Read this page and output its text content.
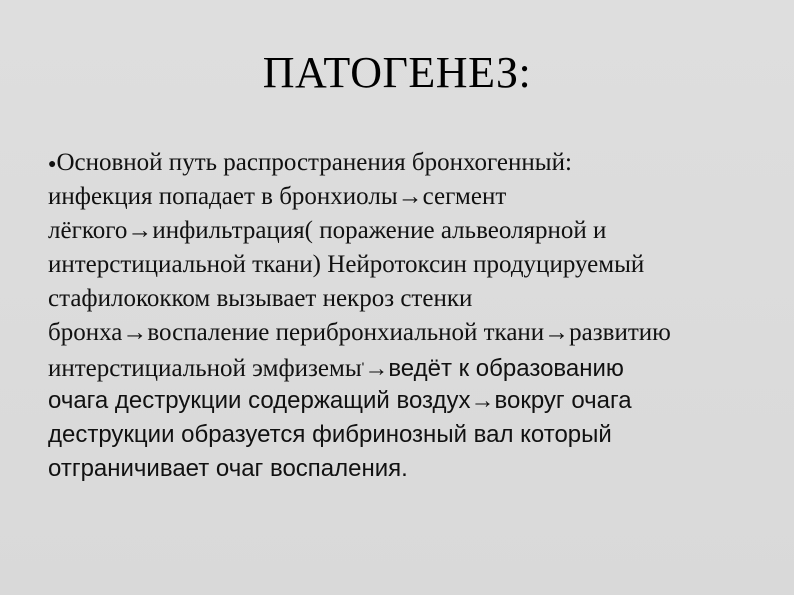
ПАТОГЕНЕЗ:
●Основной путь распространения бронхогенный:
инфекция попадает в бронхиолы→сегмент
лёгкого→инфильтрация( поражение альвеолярной и
интерстициальной ткани) Нейротоксин продуцируемый
стафилококком вызывает некроз стенки
бронха→воспаление перибронхиальной ткани→развитию
интерстициальной эмфиземы'→ведёт к образованию
очага деструкции содержащий воздух→вокруг очага
деструкции образуется фибринозный вал который
отграничивает очаг воспаления.
